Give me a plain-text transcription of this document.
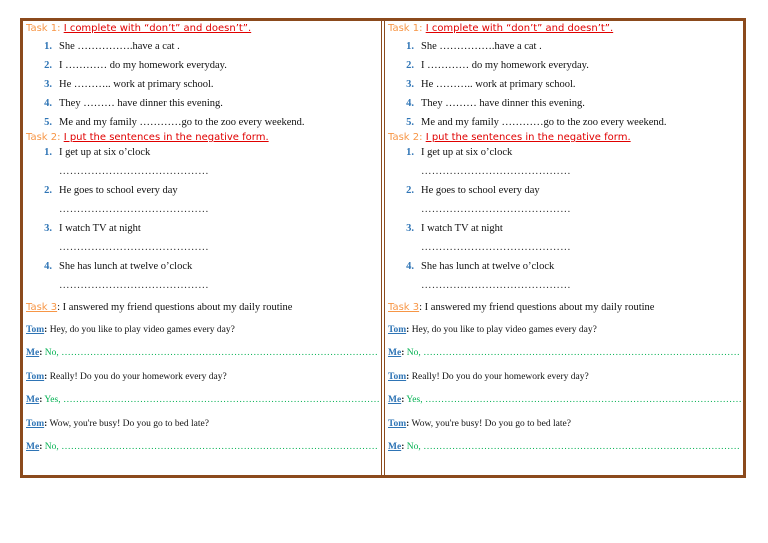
Task 1: I complete with “don’t” and doesn’t”.
1. She …………….have a cat .
2. I ………… do my homework everyday.
3. He ……….. work at primary school.
4. They ……… have dinner this evening.
5. Me and my family …………go to the zoo every weekend.
Task 2: I put the sentences in the negative form.
1. I get up at six o’clock
……………………………………
2. He goes to school every day
……………………………………
3. I watch TV at night
……………………………………
4. She has lunch at twelve o’clock
……………………………………
Task 3: I answered my friend questions about my daily routine
Tom: Hey, do you like to play video games every day?
Me: No, ………………………………………………………………………………………
Tom: Really! Do you do your homework every day?
Me: Yes, ………………………………………………………………………………………
Tom: Wow, you're busy! Do you go to bed late?
Me: No, ………………………………………………………………………………………
Task 1: I complete with “don’t” and doesn’t”.
1. She …………….have a cat .
2. I ………… do my homework everyday.
3. He ……….. work at primary school.
4. They ……… have dinner this evening.
5. Me and my family …………go to the zoo every weekend.
Task 2: I put the sentences in the negative form.
1. I get up at six o’clock
……………………………………
2. He goes to school every day
……………………………………
3. I watch TV at night
……………………………………
4. She has lunch at twelve o’clock
……………………………………
Task 3: I answered my friend questions about my daily routine
Tom: Hey, do you like to play video games every day?
Me: No, ………………………………………………………………………………………
Tom: Really! Do you do your homework every day?
Me: Yes, ………………………………………………………………………………………
Tom: Wow, you're busy! Do you go to bed late?
Me: No, ………………………………………………………………………………………
